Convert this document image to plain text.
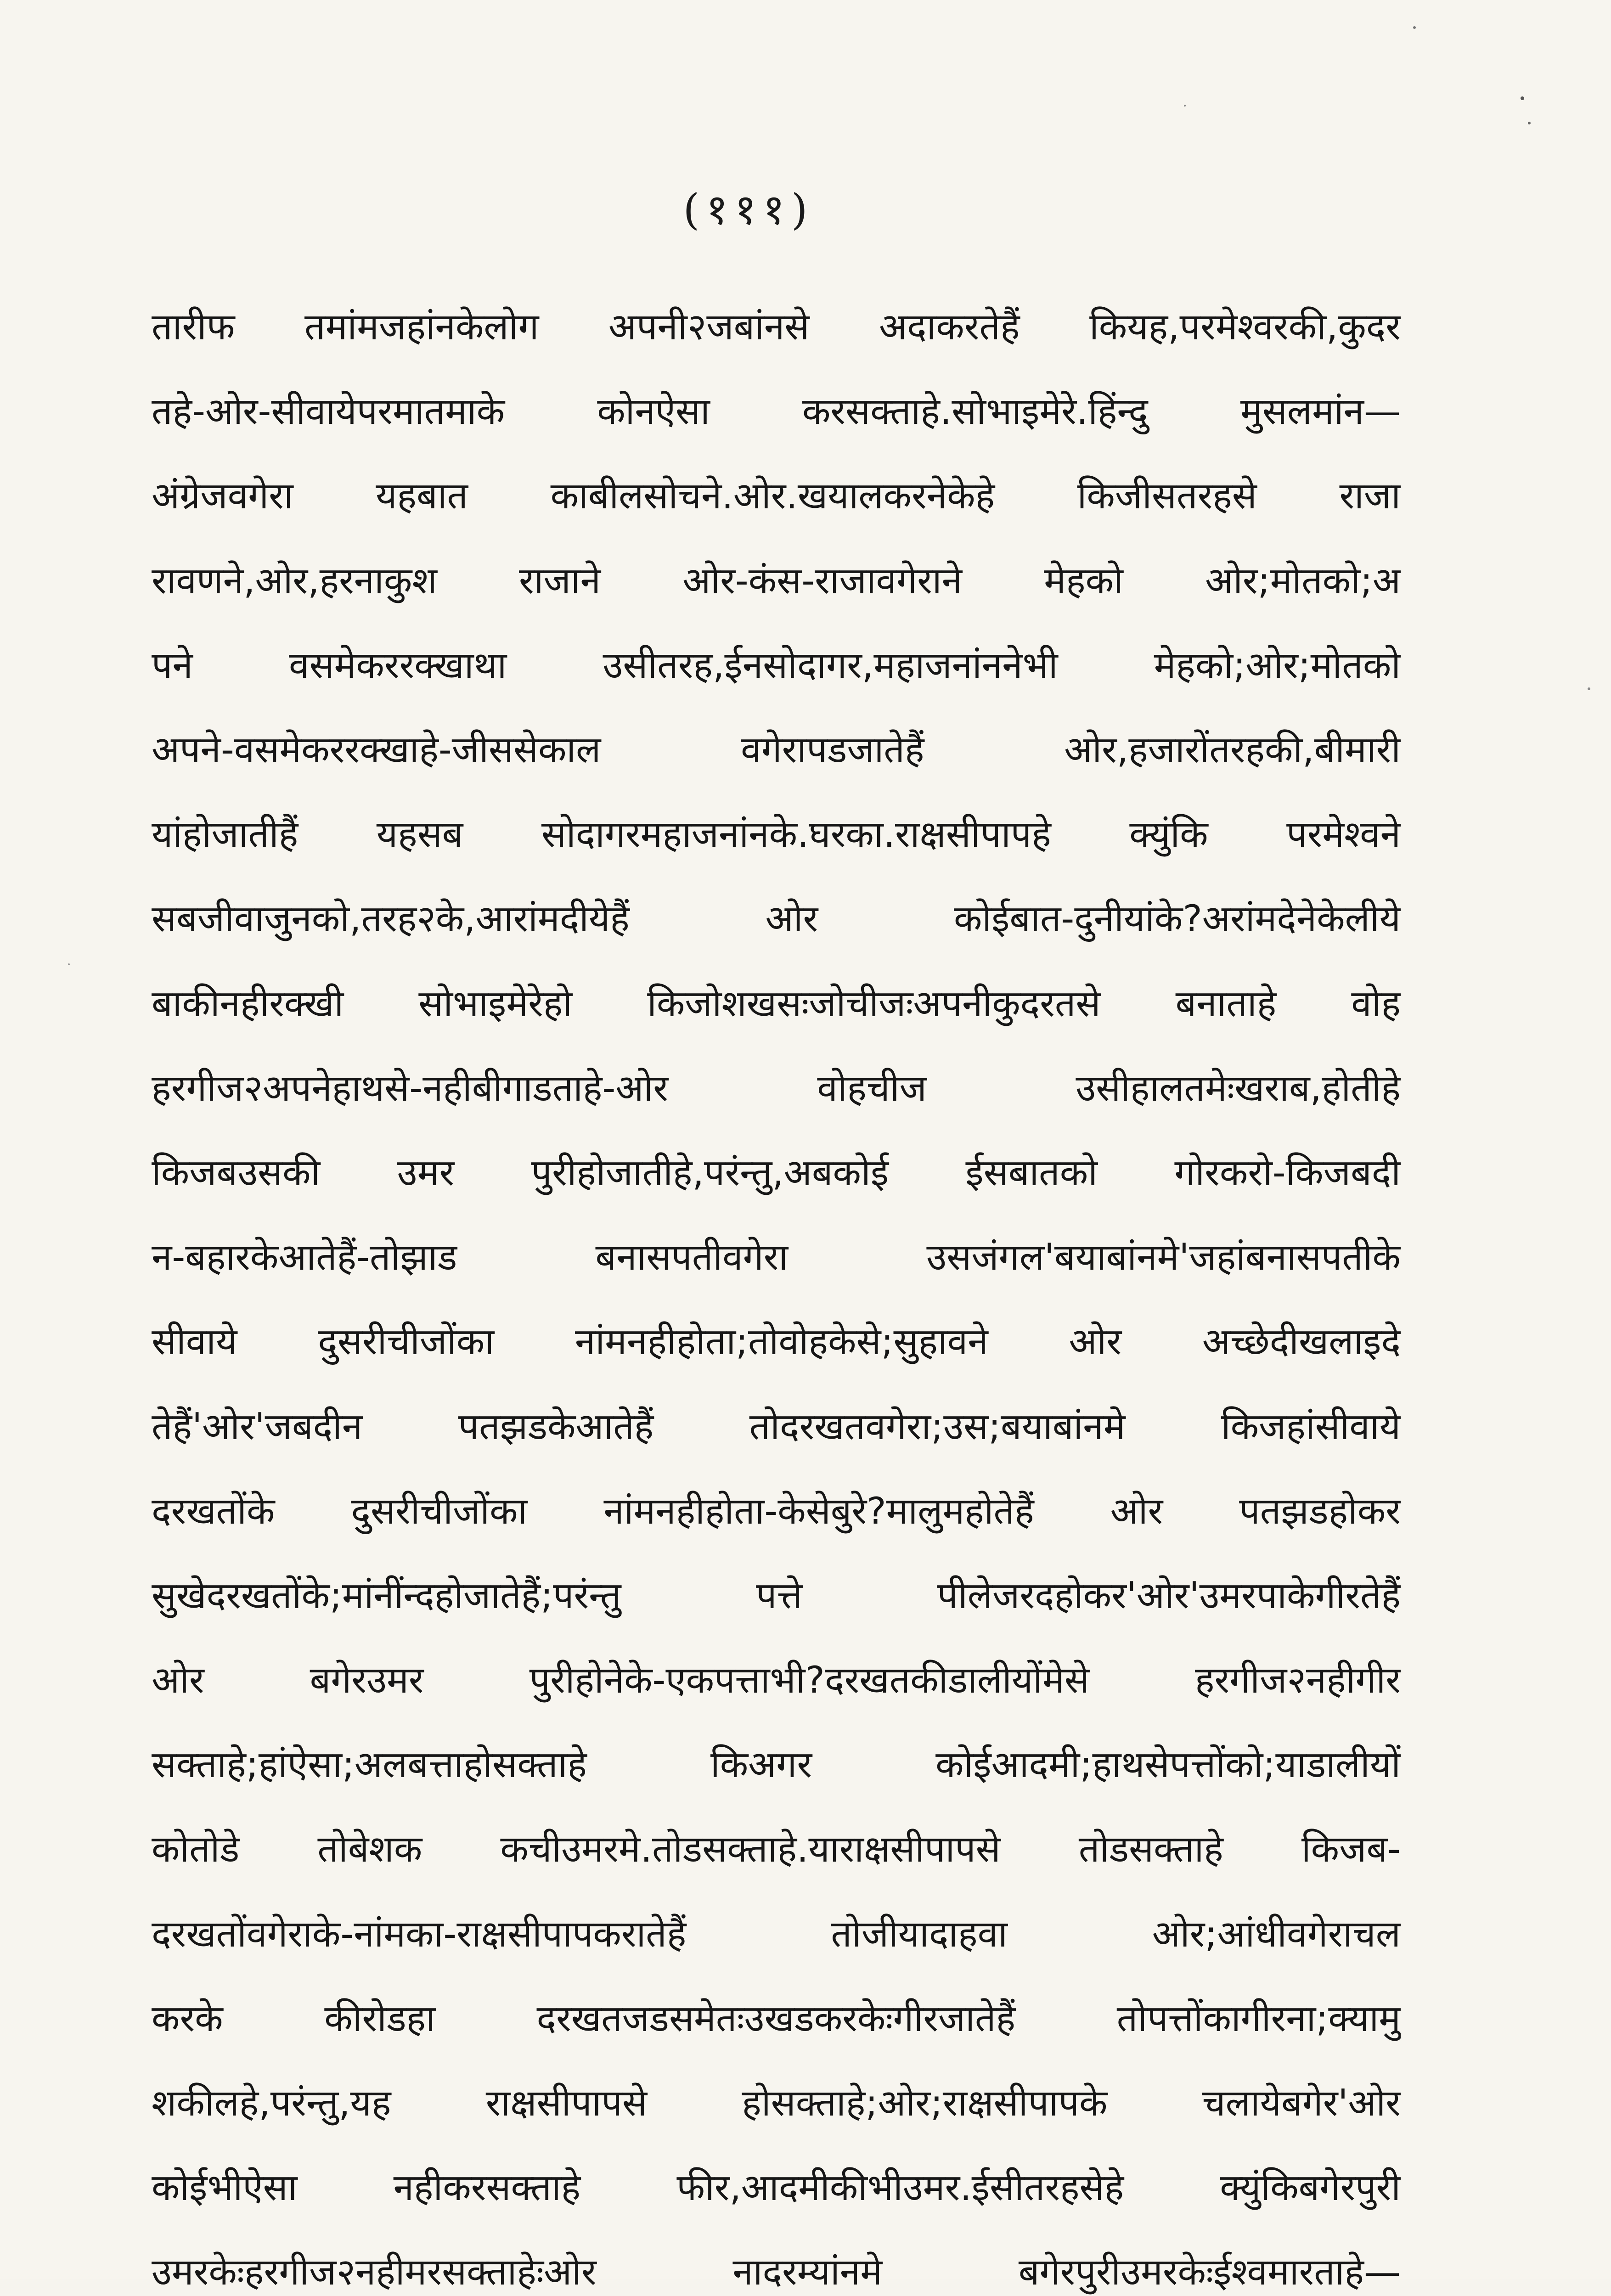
(१११)
तारीफ तमांमजहांनकेलोग अपनी२जबांनसे अदाकरतेहैं कियह,परमेश्वरकी,कुदर
तहे-ओर-सीवायेपरमातमाके कोनऐसा करसक्ताहे.सोभाइमेरे.हिंन्दु मुसलमांन—
अंग्रेजवगेरा यहबात काबीलसोचने.ओर.खयालकरनेकेहे किजीसतरहसे राजा
रावणने,ओर,हरनाकुश राजाने ओर-कंस-राजावगेराने मेहको ओर;मोतको;अ
पने वसमेकररक्खाथा उसीतरह,ईनसोदागर,महाजनांननेभी मेहको;ओर;मोतको
अपने-वसमेकररक्खाहे-जीससेकाल वगेरापडजातेहैं ओर,हजारोंतरहकी,बीमारी
यांहोजातीहैं यहसब सोदागरमहाजनांनके.घरका.राक्षसीपापहे क्युंकि परमेश्वने
सबजीवाजुनको,तरह२के,आरांमदीयेहैं ओर कोईबात-दुनीयांके?अरांमदेनेकेलीये
बाकीनहीरक्खी सोभाइमेरेहो किजोशखसःजोचीजःअपनीकुदरतसे बनाताहे वोह
हरगीज२अपनेहाथसे-नहीबीगाडताहे-ओर वोहचीज उसीहालतमेःखराब,होतीहे
किजबउसकी उमर पुरीहोजातीहे,परंन्तु,अबकोई ईसबातको गोरकरो-किजबदी
न-बहारकेआतेहैं-तोझाड बनासपतीवगेरा उसजंगल'बयाबांनमे'जहांबनासपतीके
सीवाये दुसरीचीजोंका नांमनहीहोता;तोवोहकेसे;सुहावने ओर अच्छेदीखलाइदे
तेहैं'ओर'जबदीन पतझडकेआतेहैं तोदरखतवगेरा;उस;बयाबांनमे किजहांसीवाये
दरखतोंके दुसरीचीजोंका नांमनहीहोता-केसेबुरे?मालुमहोतेहैं ओर पतझडहोकर
सुखेदरखतोंके;मांनींन्दहोजातेहैं;परंन्तु पत्ते पीलेजरदहोकर'ओर'उमरपाकेगीरतेहैं
ओर बगेरउमर पुरीहोनेके-एकपत्ताभी?दरखतकीडालीयोंमेसे हरगीज२नहीगीर
सक्ताहे;हांऐसा;अलबत्ताहोसक्ताहे किअगर कोईआदमी;हाथसेपत्तोंको;याडालीयों
कोतोडे तोबेशक कचीउमरमे.तोडसक्ताहे.याराक्षसीपापसे तोडसक्ताहे किजब-
दरखतोंवगेराके-नांमका-राक्षसीपापकरातेहैं तोजीयादाहवा ओर;आंधीवगेराचल
करके कीरोडहा दरखतजडसमेतःउखडकरकेःगीरजातेहैं तोपत्तोंकागीरना;क्यामु
शकीलहे,परंन्तु,यह राक्षसीपापसे होसक्ताहे;ओर;राक्षसीपापके चलायेबगेर'ओर
कोईभीऐसा नहीकरसक्ताहे फीर,आदमीकीभीउमर.ईसीतरहसेहे क्युंकिबगेरपुरी
उमरकेःहरगीज२नहीमरसक्ताहेःओर नादरम्यांनमे बगेरपुरीउमरकेःईश्वमारताहे—
